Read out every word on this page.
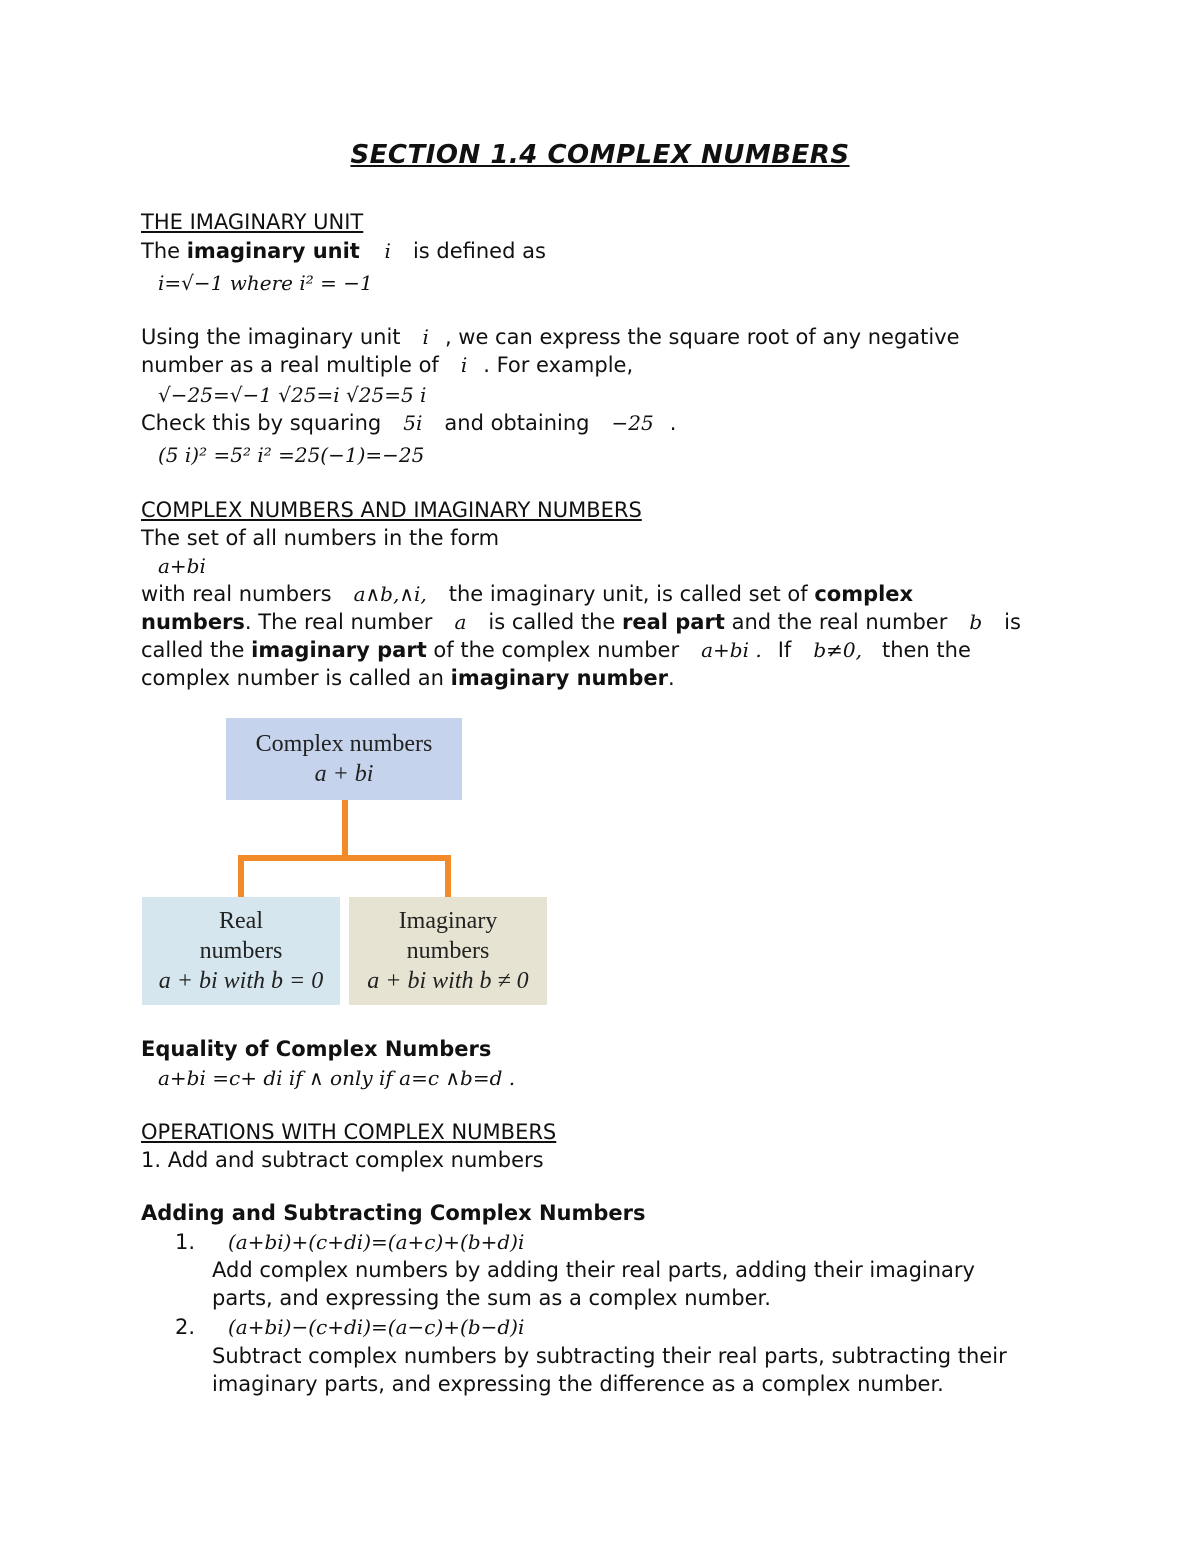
SECTION 1.4 COMPLEX NUMBERS
THE IMAGINARY UNIT
The imaginary unit i is defined as
i=√−1 where i² = −1
Using the imaginary unit i , we can express the square root of any negative
number as a real multiple of i . For example,
√−25=√−1 √25=i √25=5 i
Check this by squaring 5i and obtaining −25 .
(5 i)² =5² i² =25(−1)=−25
COMPLEX NUMBERS AND IMAGINARY NUMBERS
The set of all numbers in the form
a+bi
with real numbers a∧b,∧i, the imaginary unit, is called set of complex
numbers. The real number a is called the real part and the real number b is
called the imaginary part of the complex number a+bi . If b≠0, then the
complex number is called an imaginary number.
Complex numbers
a + bi
Real
numbers
a + bi with b = 0
Imaginary
numbers
a + bi with b ≠ 0
Equality of Complex Numbers
a+bi =c+ di if ∧ only if a=c ∧b=d .
OPERATIONS WITH COMPLEX NUMBERS
1. Add and subtract complex numbers
Adding and Subtracting Complex Numbers
1. (a+bi)+(c+di)=(a+c)+(b+d)i
Add complex numbers by adding their real parts, adding their imaginary
parts, and expressing the sum as a complex number.
2. (a+bi)−(c+di)=(a−c)+(b−d)i
Subtract complex numbers by subtracting their real parts, subtracting their
imaginary parts, and expressing the difference as a complex number.
